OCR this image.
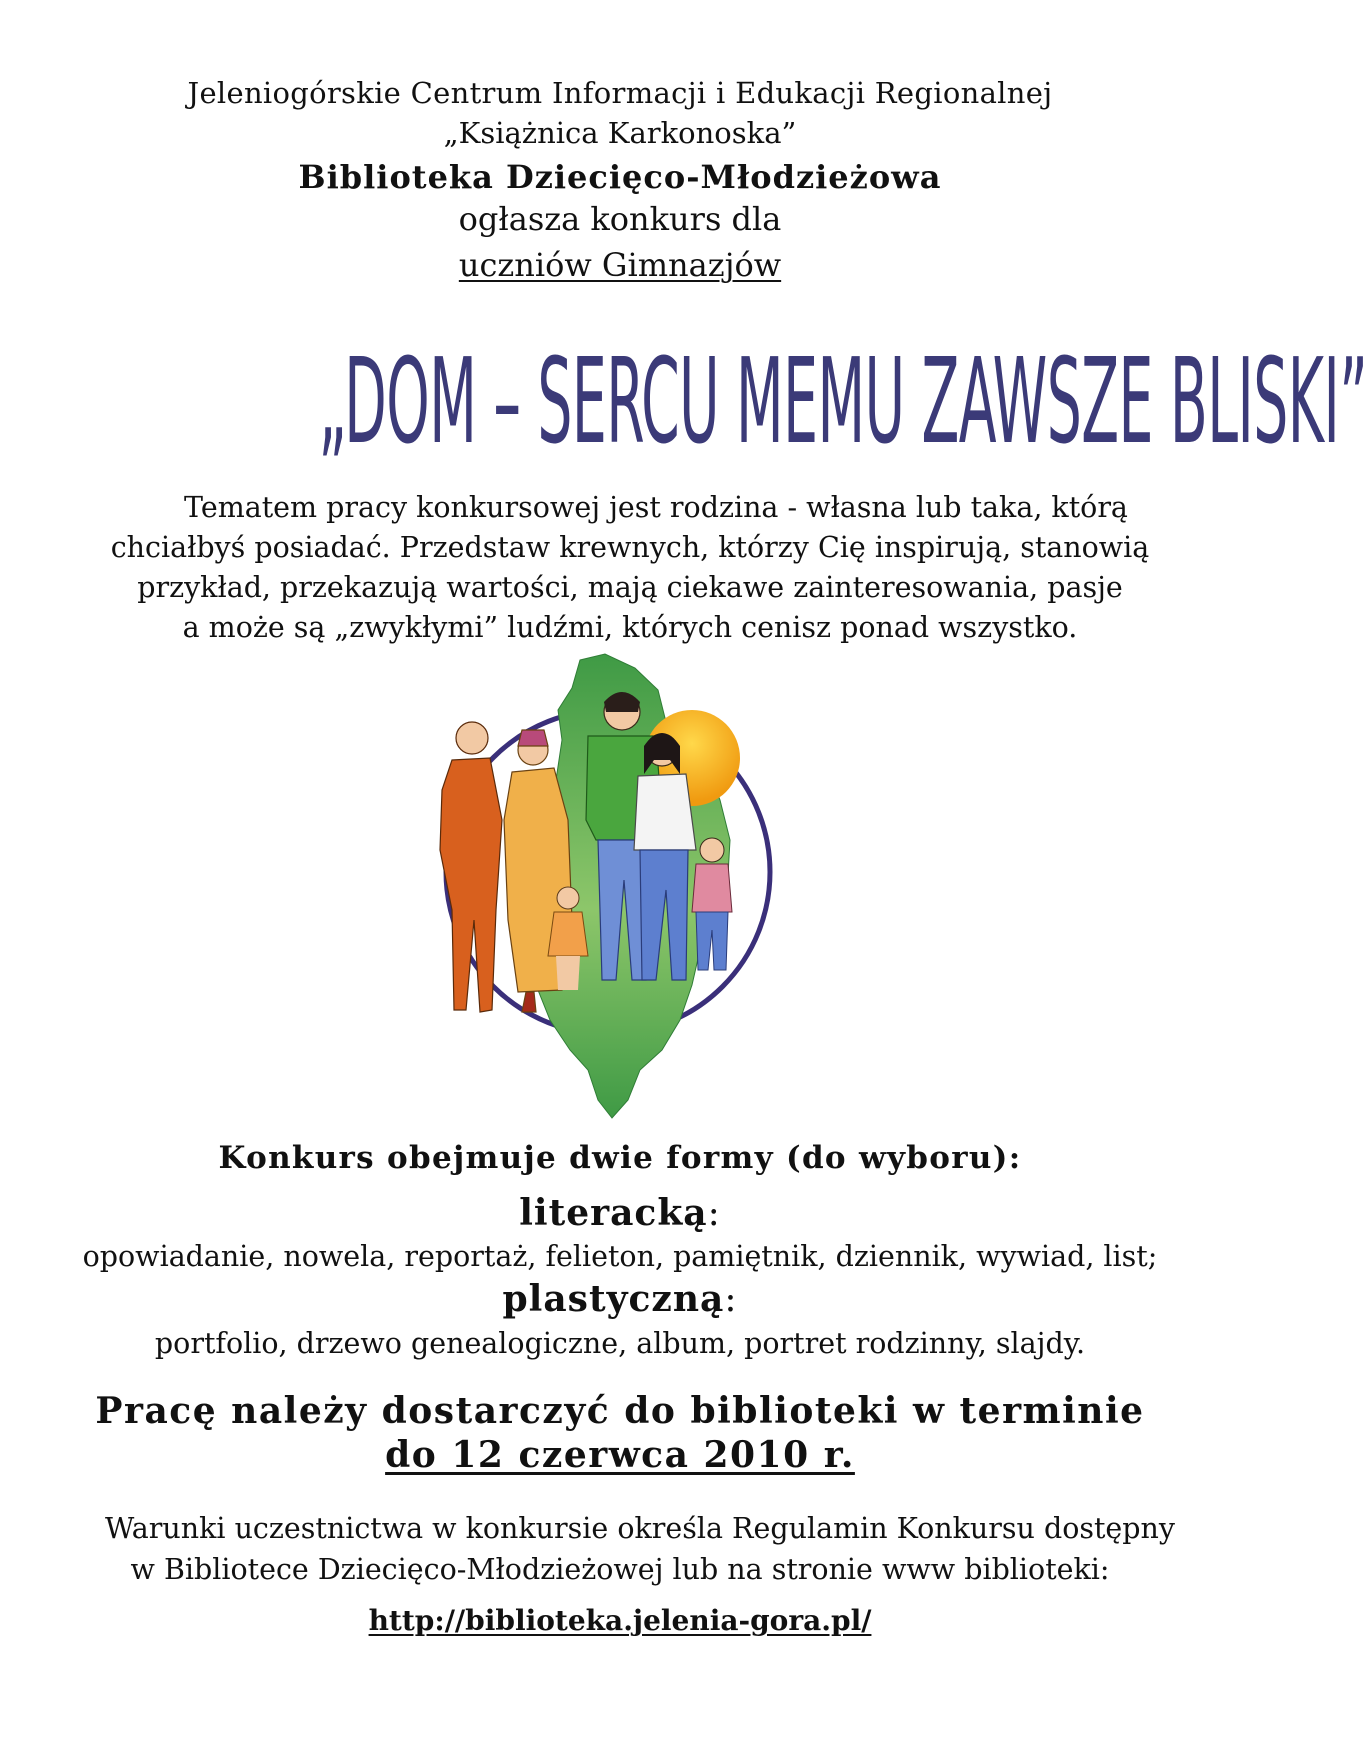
Jeleniogórskie Centrum Informacji i Edukacji Regionalnej
„Książnica Karkonoska”
Biblioteka Dziecięco-Młodzieżowa
ogłasza konkurs dla
uczniów Gimnazjów
„DOM – SERCU MEMU ZAWSZE BLISKI”

Tematem pracy konkursowej jest rodzina - własna lub taka, którą

chciałbyś posiadać. Przedstaw krewnych, którzy Cię inspirują, stanowią

przykład, przekazują wartości, mają ciekawe zainteresowania, pasje

a może są „zwykłymi” ludźmi, których cenisz ponad wszystko.

Konkurs obejmuje dwie formy (do wyboru):
literacką:
opowiadanie, nowela, reportaż, felieton, pamiętnik, dziennik, wywiad, list;
plastyczną:
portfolio, drzewo genealogiczne, album, portret rodzinny, slajdy.
Pracę należy dostarczyć do biblioteki w terminie
do 12 czerwca 2010 r.
Warunki uczestnictwa w konkursie określa Regulamin Konkursu dostępny
w Bibliotece Dziecięco-Młodzieżowej lub na stronie www biblioteki:
http://biblioteka.jelenia-gora.pl/
